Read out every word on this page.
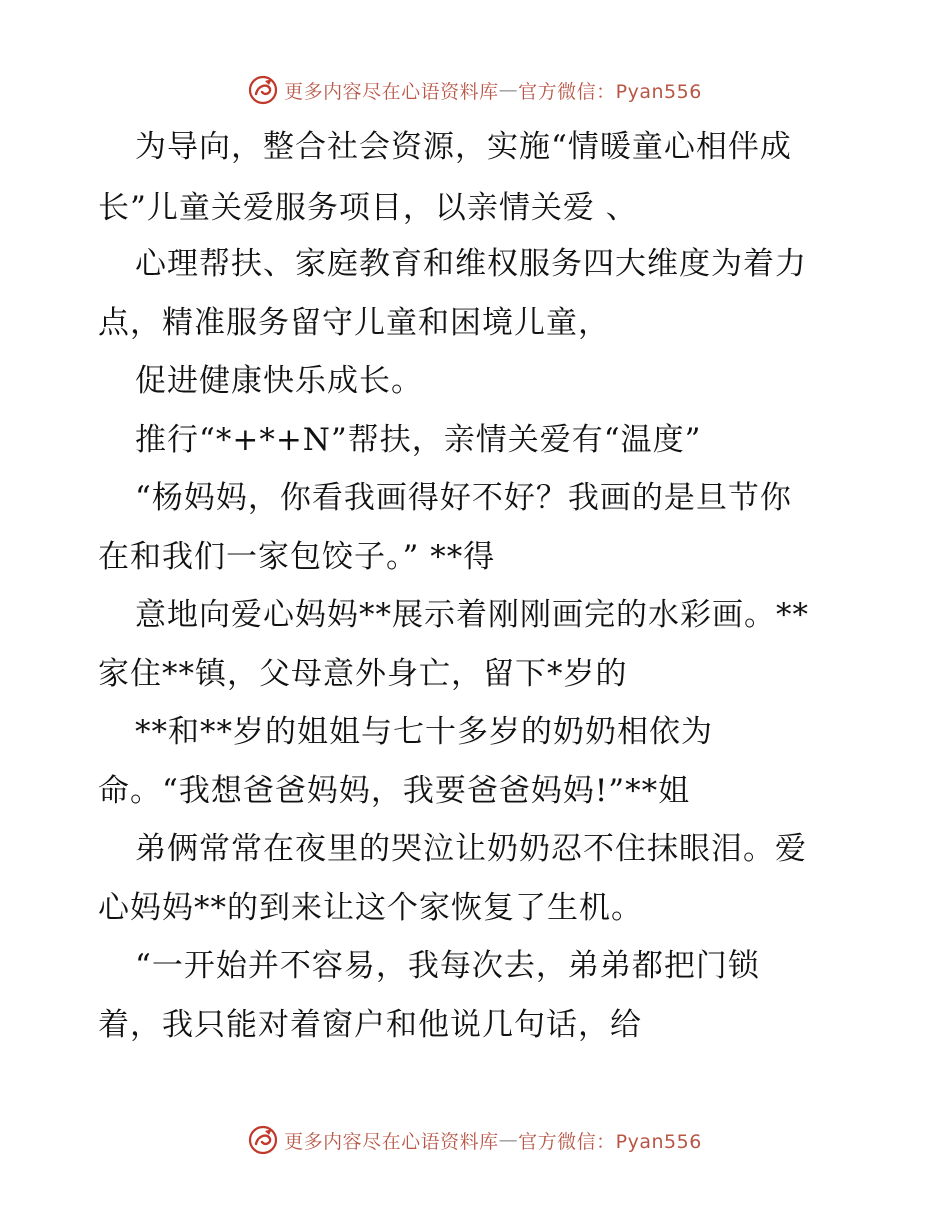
更多内容尽在心语资料库 — 官方微信：Pyan556
为导向，整合社会资源，实施“情暖童心相伴成
长”儿童关爱服务项目，以亲情关爱 、
心理帮扶、家庭教育和维权服务四大维度为着力
点，精准服务留守儿童和困境儿童，
促进健康快乐成长。
推行“*+*+N”帮扶，亲情关爱有“温度”
“杨妈妈，你看我画得好不好？我画的是旦节你
在和我们一家包饺子。” **得
意地向爱心妈妈**展示着刚刚画完的水彩画。**
家住**镇，父母意外身亡，留下*岁的
**和**岁的姐姐与七十多岁的奶奶相依为
命。“我想爸爸妈妈，我要爸爸妈妈!”**姐
弟俩常常在夜里的哭泣让奶奶忍不住抹眼泪。爱
心妈妈**的到来让这个家恢复了生机。
“一开始并不容易，我每次去，弟弟都把门锁
着，我只能对着窗户和他说几句话，给
更多内容尽在心语资料库 — 官方微信：Pyan556
